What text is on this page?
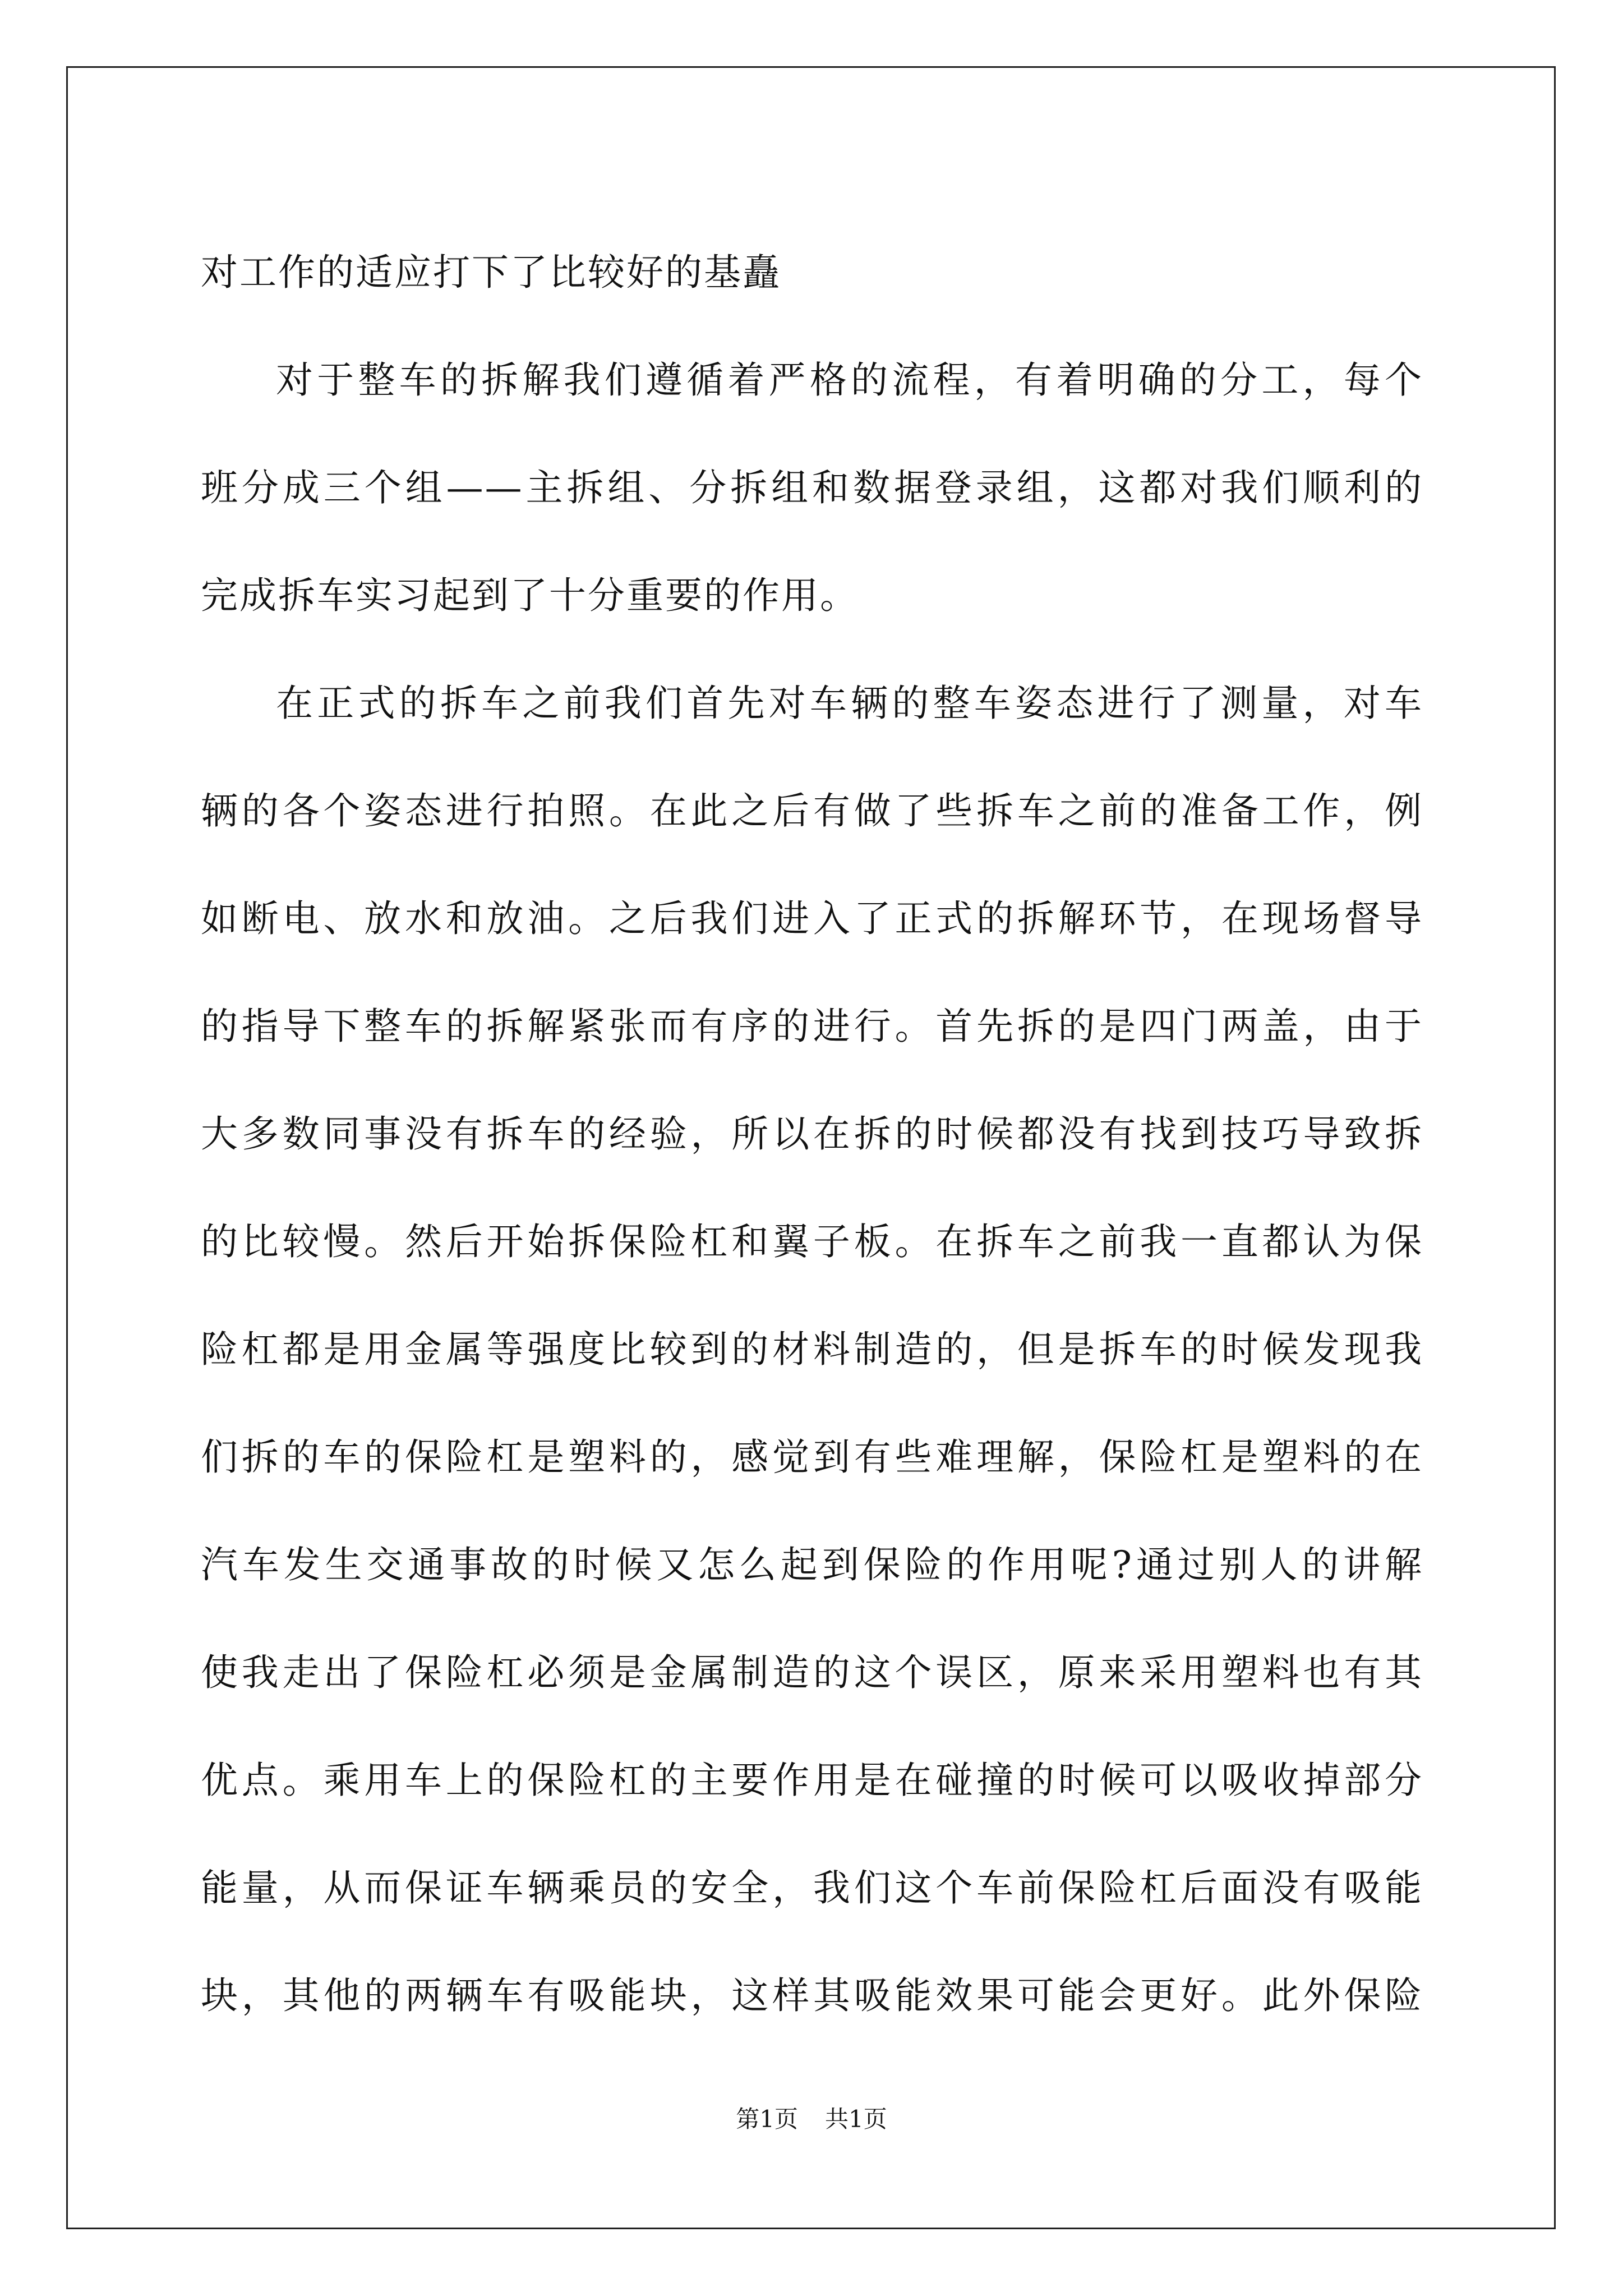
对工作的适应打下了比较好的基矗
对于整车的拆解我们遵循着严格的流程，有着明确的分工，每个
班分成三个组——主拆组、分拆组和数据登录组，这都对我们顺利的
完成拆车实习起到了十分重要的作用。
在正式的拆车之前我们首先对车辆的整车姿态进行了测量，对车
辆的各个姿态进行拍照。在此之后有做了些拆车之前的准备工作，例
如断电、放水和放油。之后我们进入了正式的拆解环节，在现场督导
的指导下整车的拆解紧张而有序的进行。首先拆的是四门两盖，由于
大多数同事没有拆车的经验，所以在拆的时候都没有找到技巧导致拆
的比较慢。然后开始拆保险杠和翼子板。在拆车之前我一直都认为保
险杠都是用金属等强度比较到的材料制造的，但是拆车的时候发现我
们拆的车的保险杠是塑料的，感觉到有些难理解，保险杠是塑料的在
汽车发生交通事故的时候又怎么起到保险的作用呢?通过别人的讲解
使我走出了保险杠必须是金属制造的这个误区，原来采用塑料也有其
优点。乘用车上的保险杠的主要作用是在碰撞的时候可以吸收掉部分
能量，从而保证车辆乘员的安全，我们这个车前保险杠后面没有吸能
块，其他的两辆车有吸能块，这样其吸能效果可能会更好。此外保险
第1页 共1页
